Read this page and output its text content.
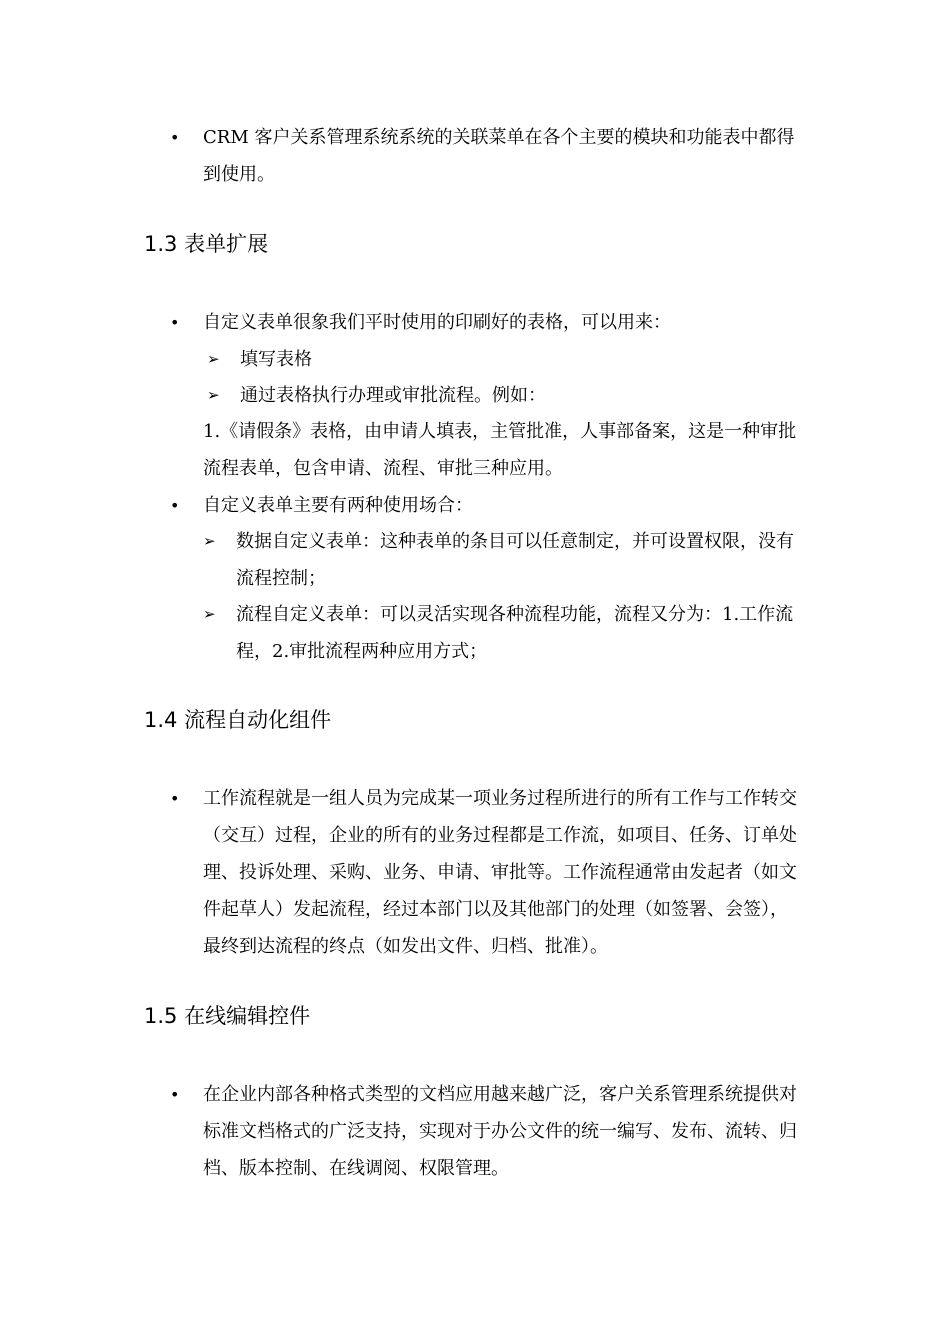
• CRM 客户关系管理系统系统的关联菜单在各个主要的模块和功能表中都得到使用。

1.3 表单扩展
• 自定义表单很象我们平时使用的印刷好的表格，可以用来：

➢	填写表格

➢	通过表格执行办理或审批流程。例如：

1.《请假条》表格，由申请人填表，主管批准，人事部备案，这是一种审批流程表单，包含申请、流程、审批三种应用。

• 自定义表单主要有两种使用场合：

➢	数据自定义表单：这种表单的条目可以任意制定，并可设置权限，没有流程控制；

➢	流程自定义表单：可以灵活实现各种流程功能，流程又分为：1.工作流程，2.审批流程两种应用方式；

1.4 流程自动化组件
• 工作流程就是一组人员为完成某一项业务过程所进行的所有工作与工作转交（交互）过程，企业的所有的业务过程都是工作流，如项目、任务、订单处理、投诉处理、采购、业务、申请、审批等。工作流程通常由发起者（如文件起草人）发起流程，经过本部门以及其他部门的处理（如签署、会签），最终到达流程的终点（如发出文件、归档、批准）。

1.5 在线编辑控件
• 在企业内部各种格式类型的文档应用越来越广泛，客户关系管理系统提供对标准文档格式的广泛支持，实现对于办公文件的统一编写、发布、流转、归档、版本控制、在线调阅、权限管理。
